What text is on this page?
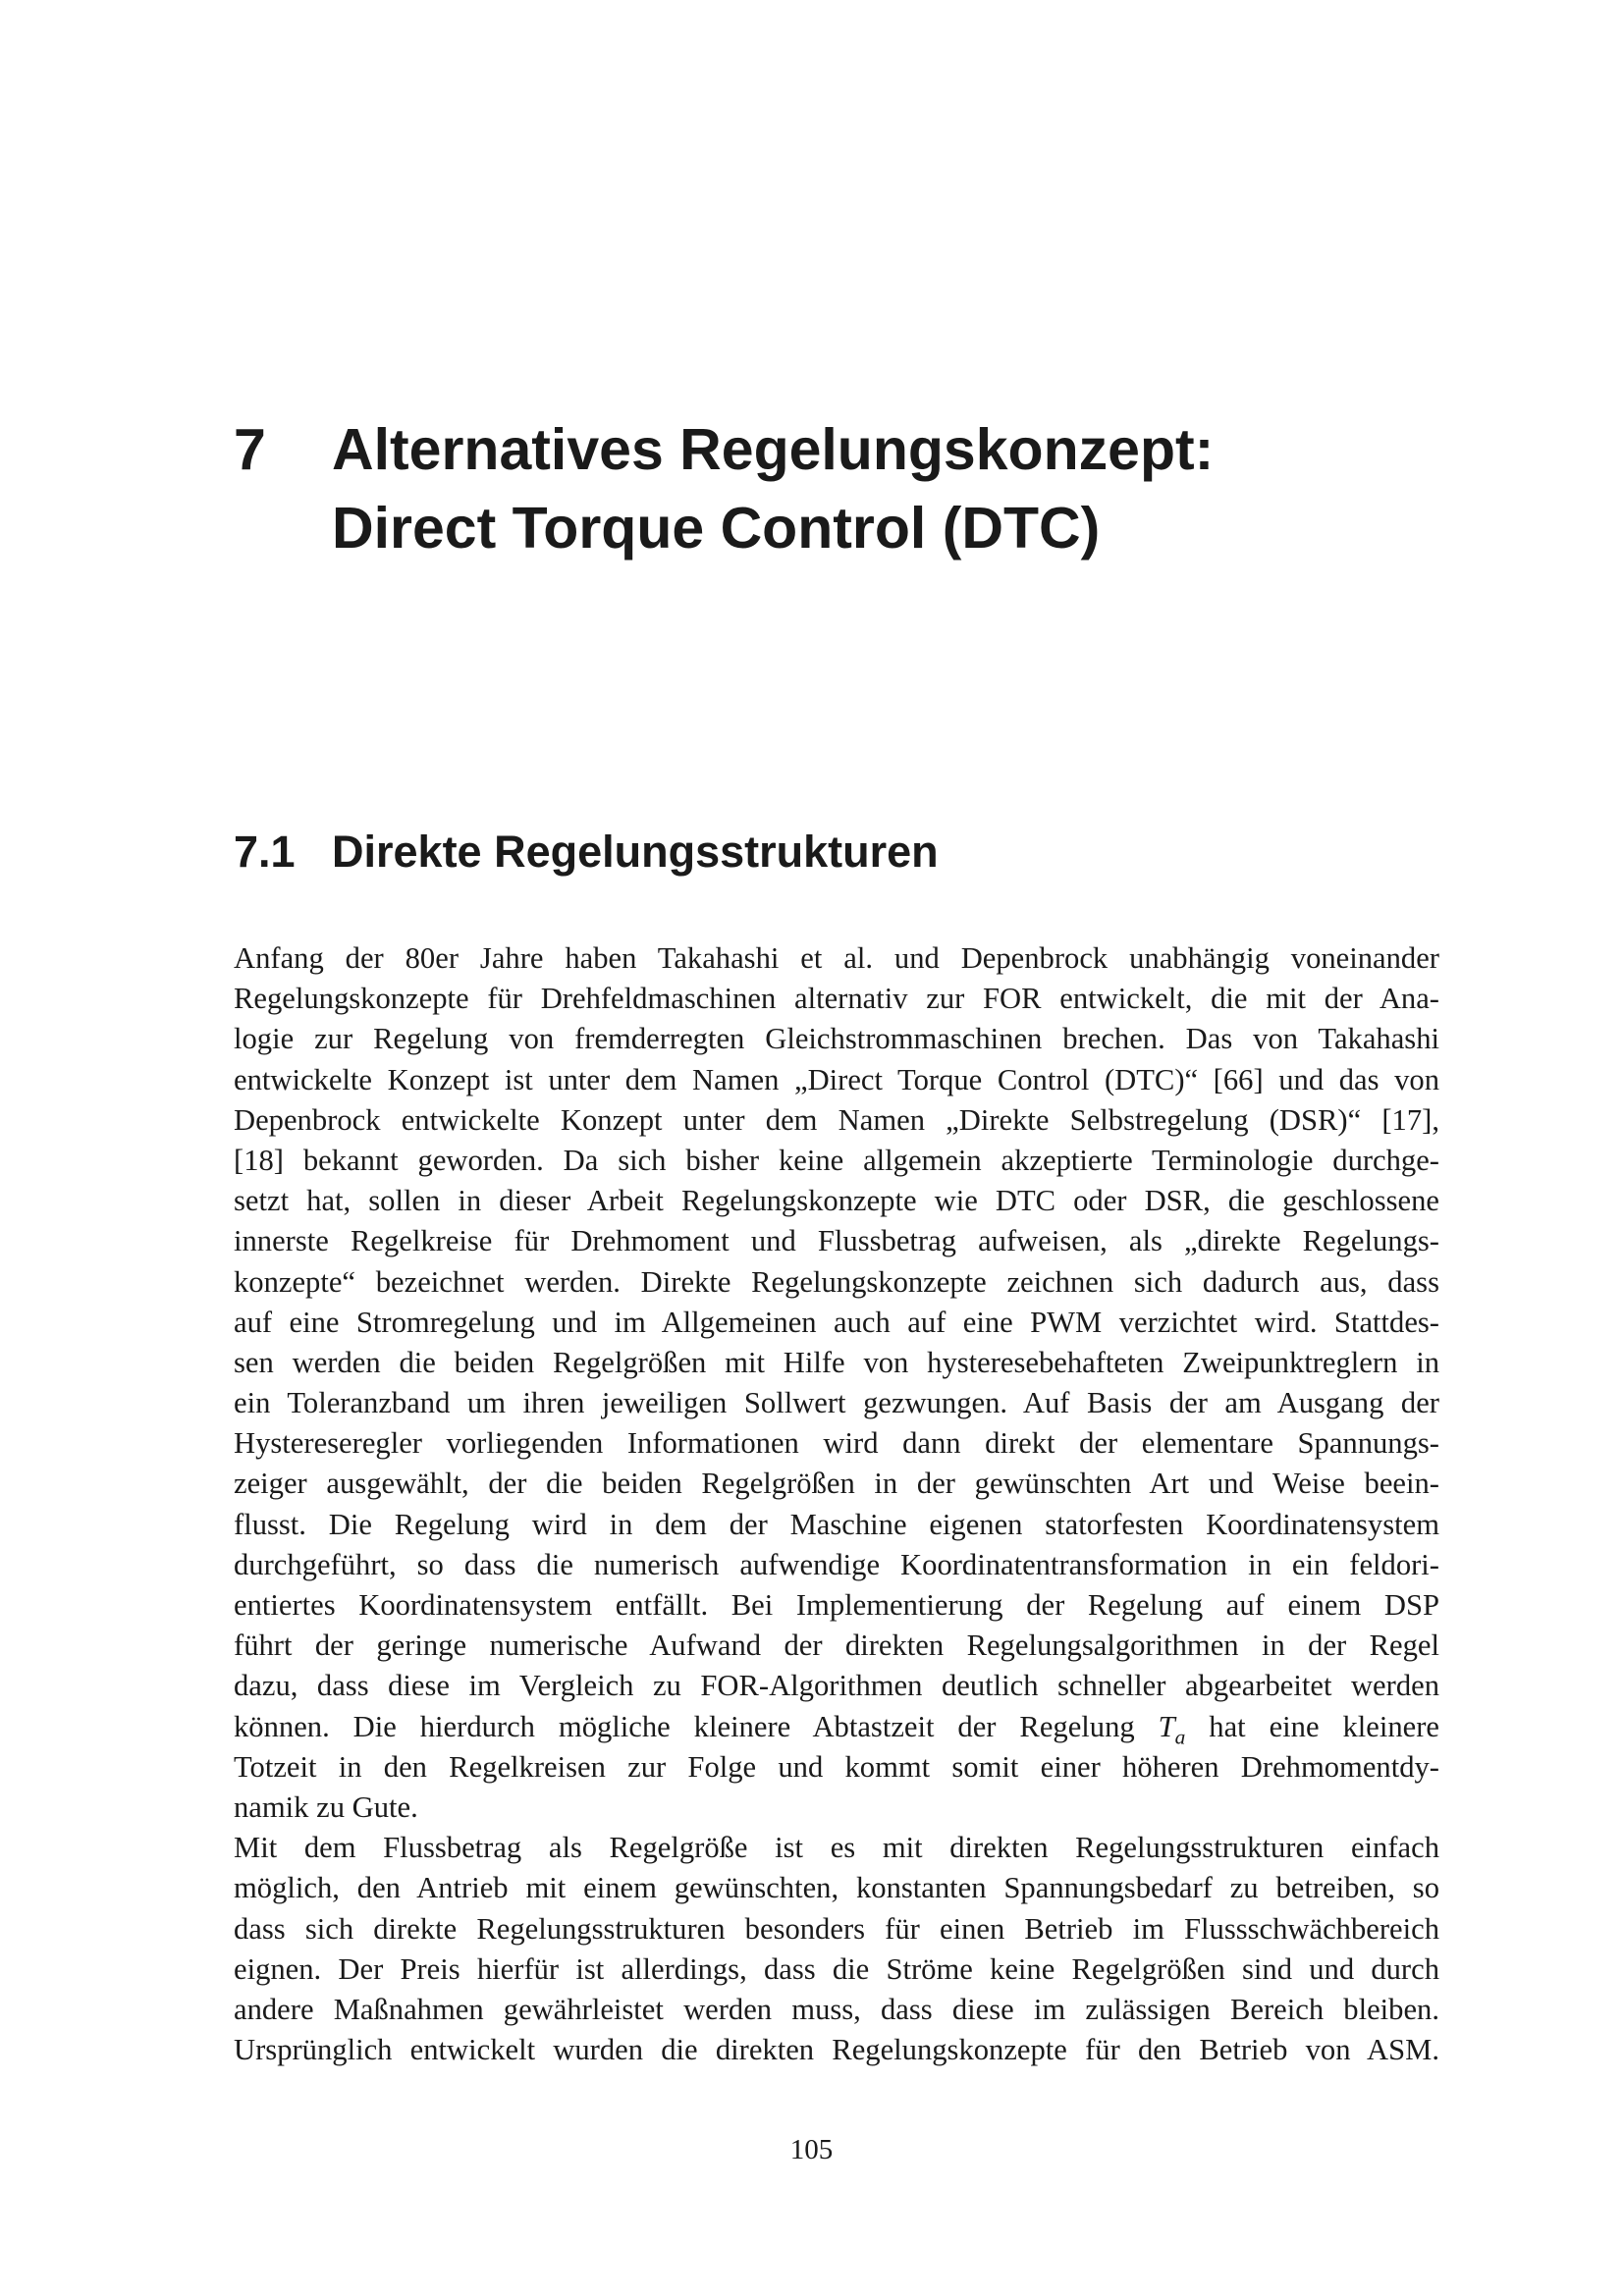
7 Alternatives Regelungskonzept:
Direct Torque Control (DTC)
7.1 Direkte Regelungsstrukturen
Anfang der 80er Jahre haben Takahashi et al. und Depenbrock unabhängig voneinander
Regelungskonzepte für Drehfeldmaschinen alternativ zur FOR entwickelt, die mit der Ana-
logie zur Regelung von fremderregten Gleichstrommaschinen brechen. Das von Takahashi
entwickelte Konzept ist unter dem Namen „Direct Torque Control (DTC)“ [66] und das von
Depenbrock entwickelte Konzept unter dem Namen „Direkte Selbstregelung (DSR)“ [17],
[18] bekannt geworden. Da sich bisher keine allgemein akzeptierte Terminologie durchge-
setzt hat, sollen in dieser Arbeit Regelungskonzepte wie DTC oder DSR, die geschlossene
innerste Regelkreise für Drehmoment und Flussbetrag aufweisen, als „direkte Regelungs-
konzepte“ bezeichnet werden. Direkte Regelungskonzepte zeichnen sich dadurch aus, dass
auf eine Stromregelung und im Allgemeinen auch auf eine PWM verzichtet wird. Stattdes-
sen werden die beiden Regelgrößen mit Hilfe von hysteresebehafteten Zweipunktreglern in
ein Toleranzband um ihren jeweiligen Sollwert gezwungen. Auf Basis der am Ausgang der
Hystereseregler vorliegenden Informationen wird dann direkt der elementare Spannungs-
zeiger ausgewählt, der die beiden Regelgrößen in der gewünschten Art und Weise beein-
flusst. Die Regelung wird in dem der Maschine eigenen statorfesten Koordinatensystem
durchgeführt, so dass die numerisch aufwendige Koordinatentransformation in ein feldori-
entiertes Koordinatensystem entfällt. Bei Implementierung der Regelung auf einem DSP
führt der geringe numerische Aufwand der direkten Regelungsalgorithmen in der Regel
dazu, dass diese im Vergleich zu FOR-Algorithmen deutlich schneller abgearbeitet werden
können. Die hierdurch mögliche kleinere Abtastzeit der Regelung $T_a$ hat eine kleinere
Totzeit in den Regelkreisen zur Folge und kommt somit einer höheren Drehmomentdy-
namik zu Gute.
Mit dem Flussbetrag als Regelgröße ist es mit direkten Regelungsstrukturen einfach
möglich, den Antrieb mit einem gewünschten, konstanten Spannungsbedarf zu betreiben, so
dass sich direkte Regelungsstrukturen besonders für einen Betrieb im Flussschwächbereich
eignen. Der Preis hierfür ist allerdings, dass die Ströme keine Regelgrößen sind und durch
andere Maßnahmen gewährleistet werden muss, dass diese im zulässigen Bereich bleiben.
Ursprünglich entwickelt wurden die direkten Regelungskonzepte für den Betrieb von ASM.
105
